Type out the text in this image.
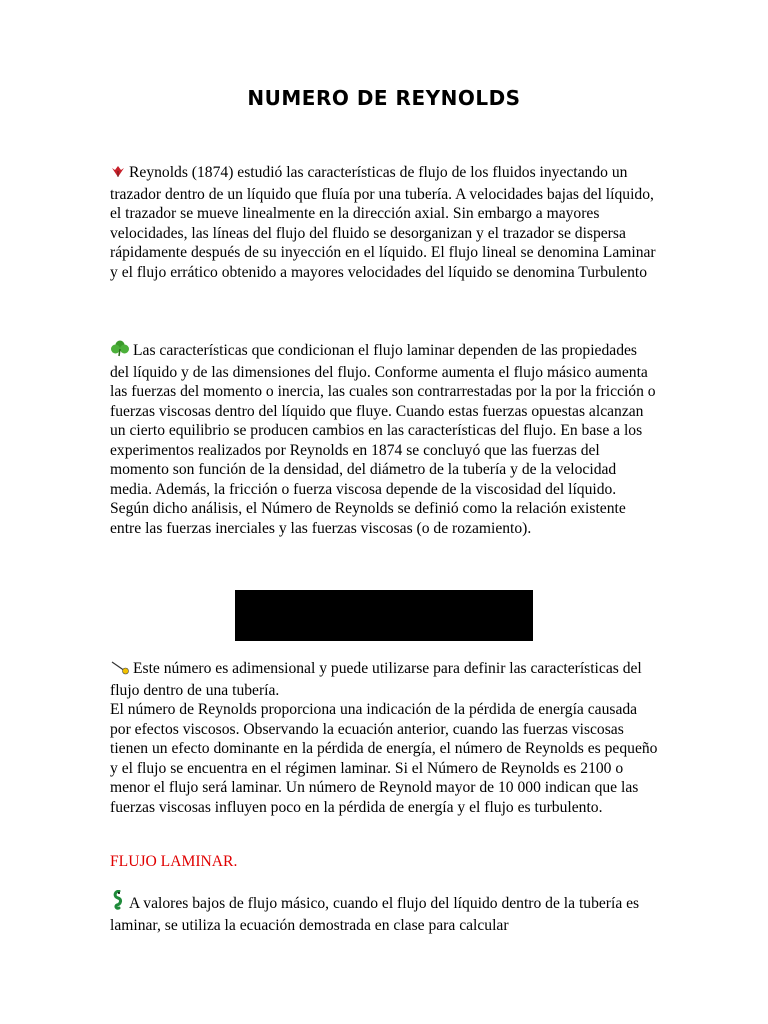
NUMERO DE REYNOLDS

Reynolds (1874) estudió las características de flujo de los fluidos inyectando un trazador dentro de un líquido que fluía por una tubería. A velocidades bajas del líquido, el trazador se mueve linealmente en la dirección axial. Sin embargo a mayores velocidades, las líneas del flujo del fluido se desorganizan y el trazador se dispersa rápidamente después de su inyección en el líquido. El flujo lineal se denomina Laminar y el flujo errático obtenido a mayores velocidades del líquido se denomina Turbulento

Las características que condicionan el flujo laminar dependen de las propiedades del líquido y de las dimensiones del flujo. Conforme aumenta el flujo másico aumenta las fuerzas del momento o inercia, las cuales son contrarrestadas por la por la fricción o fuerzas viscosas dentro del líquido que fluye. Cuando estas fuerzas opuestas alcanzan un cierto equilibrio se producen cambios en las características del flujo. En base a los experimentos realizados por Reynolds en 1874 se concluyó que las fuerzas del momento son función de la densidad, del diámetro de la tubería y de la velocidad media. Además, la fricción o fuerza viscosa depende de la viscosidad del líquido. Según dicho análisis, el Número de Reynolds se definió como la relación existente entre las fuerzas inerciales y las fuerzas viscosas (o de rozamiento).

Este número es adimensional y puede utilizarse para definir las características del flujo dentro de una tubería.
El número de Reynolds proporciona una indicación de la pérdida de energía causada por efectos viscosos. Observando la ecuación anterior, cuando las fuerzas viscosas tienen un efecto dominante en la pérdida de energía, el número de Reynolds es pequeño y el flujo se encuentra en el régimen laminar. Si el Número de Reynolds es 2100 o menor el flujo será laminar. Un número de Reynold mayor de 10 000 indican que las fuerzas viscosas influyen poco en la pérdida de energía y el flujo es turbulento.

FLUJO LAMINAR.

A valores bajos de flujo másico, cuando el flujo del líquido dentro de la tubería es laminar, se utiliza la ecuación demostrada en clase para calcular
